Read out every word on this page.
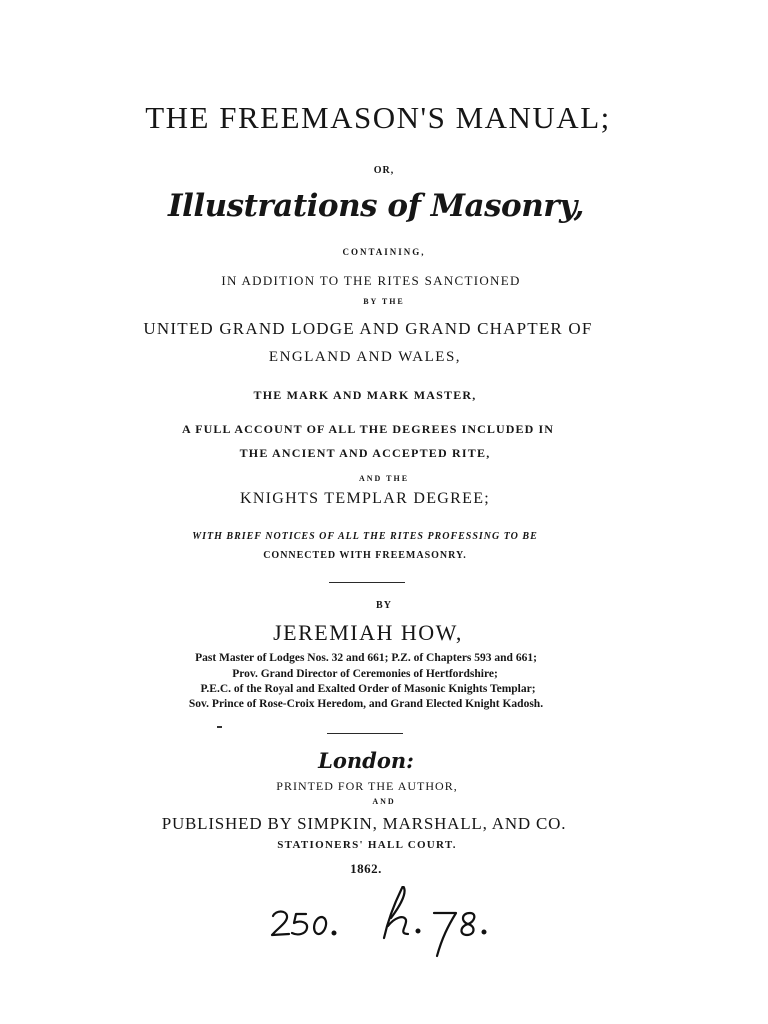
THE FREEMASON'S MANUAL;
OR,
Illustrations of Masonry,
CONTAINING,
IN ADDITION TO THE RITES SANCTIONED
BY THE
UNITED GRAND LODGE AND GRAND CHAPTER OF
ENGLAND AND WALES,
THE MARK AND MARK MASTER,
A FULL ACCOUNT OF ALL THE DEGREES INCLUDED IN
THE ANCIENT AND ACCEPTED RITE,
AND THE
KNIGHTS TEMPLAR DEGREE;
WITH BRIEF NOTICES OF ALL THE RITES PROFESSING TO BE
CONNECTED WITH FREEMASONRY.
BY
JEREMIAH HOW,
Past Master of Lodges Nos. 32 and 661; P.Z. of Chapters 593 and 661;
Prov. Grand Director of Ceremonies of Hertfordshire;
P.E.C. of the Royal and Exalted Order of Masonic Knights Templar;
Sov. Prince of Rose-Croix Heredom, and Grand Elected Knight Kadosh.
London:
PRINTED FOR THE AUTHOR,
AND
PUBLISHED BY SIMPKIN, MARSHALL, AND CO.
STATIONERS' HALL COURT.
1862.
